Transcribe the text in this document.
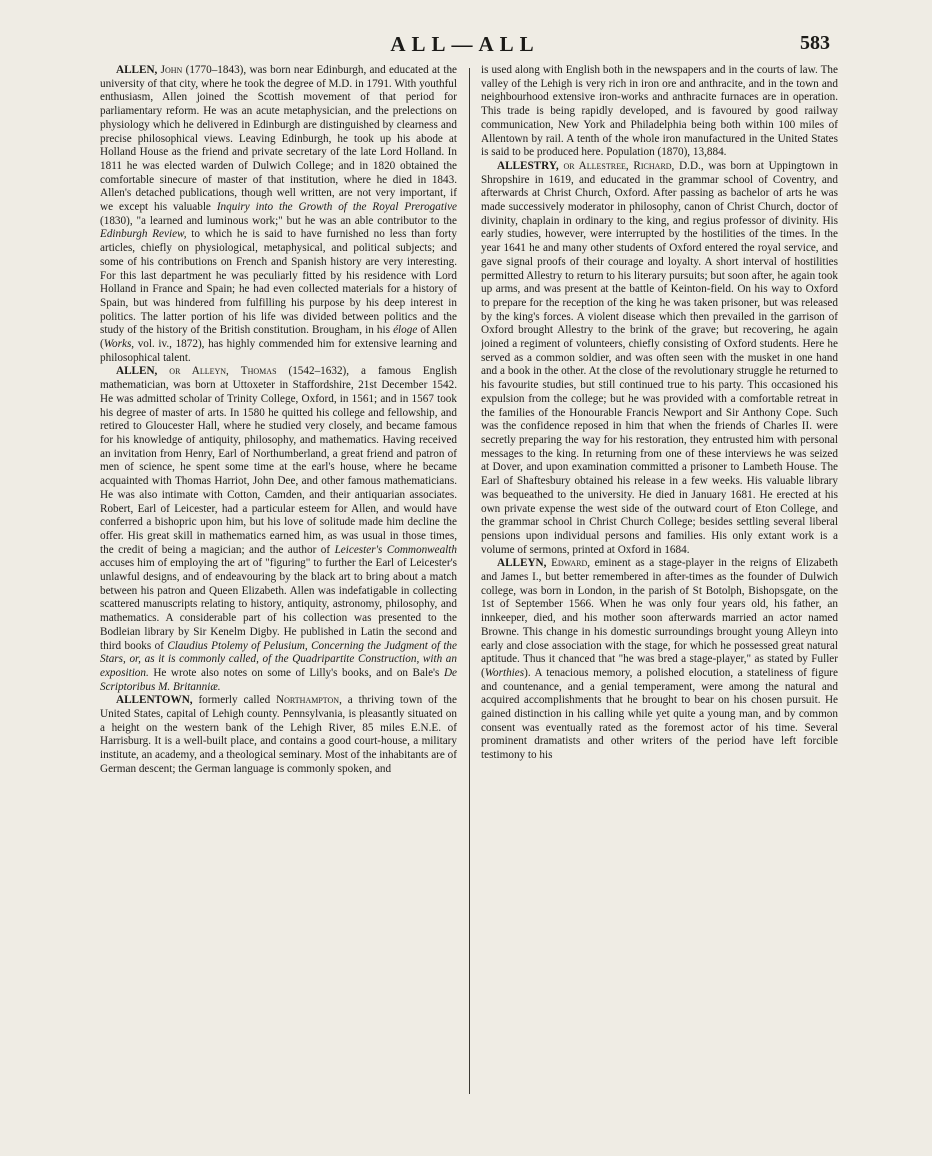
ALL—ALL	583

ALLEN, John (1770–1843), was born near Edinburgh, and educated at the university of that city, where he took the degree of M.D. in 1791. With youthful enthusiasm, Allen joined the Scottish movement of that period for parliamentary reform. He was an acute metaphysician, and the prelections on physiology which he delivered in Edinburgh are distinguished by clearness and precise philosophical views. Leaving Edinburgh, he took up his abode at Holland House as the friend and private secretary of the late Lord Holland. In 1811 he was elected warden of Dulwich College; and in 1820 obtained the comfortable sinecure of master of that institution, where he died in 1843. Allen's detached publications, though well written, are not very important, if we except his valuable Inquiry into the Growth of the Royal Prerogative (1830), "a learned and luminous work;" but he was an able contributor to the Edinburgh Review, to which he is said to have furnished no less than forty articles, chiefly on physiological, metaphysical, and political subjects; and some of his contributions on French and Spanish history are very interesting. For this last department he was peculiarly fitted by his residence with Lord Holland in France and Spain; he had even collected materials for a history of Spain, but was hindered from fulfilling his purpose by his deep interest in politics. The latter portion of his life was divided between politics and the study of the history of the British constitution. Brougham, in his éloge of Allen (Works, vol. iv., 1872), has highly commended him for extensive learning and philosophical talent.

ALLEN, or Alleyn, Thomas (1542–1632), a famous English mathematician, was born at Uttoxeter in Staffordshire, 21st December 1542. He was admitted scholar of Trinity College, Oxford, in 1561; and in 1567 took his degree of master of arts. In 1580 he quitted his college and fellowship, and retired to Gloucester Hall, where he studied very closely, and became famous for his knowledge of antiquity, philosophy, and mathematics. Having received an invitation from Henry, Earl of Northumberland, a great friend and patron of men of science, he spent some time at the earl's house, where he became acquainted with Thomas Harriot, John Dee, and other famous mathematicians. He was also intimate with Cotton, Camden, and their antiquarian associates. Robert, Earl of Leicester, had a particular esteem for Allen, and would have conferred a bishopric upon him, but his love of solitude made him decline the offer. His great skill in mathematics earned him, as was usual in those times, the credit of being a magician; and the author of Leicester's Commonwealth accuses him of employing the art of "figuring" to further the Earl of Leicester's unlawful designs, and of endeavouring by the black art to bring about a match between his patron and Queen Elizabeth. Allen was indefatigable in collecting scattered manuscripts relating to history, antiquity, astronomy, philosophy, and mathematics. A considerable part of his collection was presented to the Bodleian library by Sir Kenelm Digby. He published in Latin the second and third books of Claudius Ptolemy of Pelusium, Concerning the Judgment of the Stars, or, as it is commonly called, of the Quadripartite Construction, with an exposition. He wrote also notes on some of Lilly's books, and on Bale's De Scriptoribus M. Britanniæ.

ALLENTOWN, formerly called Northampton, a thriving town of the United States, capital of Lehigh county. Pennsylvania, is pleasantly situated on a height on the western bank of the Lehigh River, 85 miles E.N.E. of Harrisburg. It is a well-built place, and contains a good court-house, a military institute, an academy, and a theological seminary. Most of the inhabitants are of German descent; the German language is commonly spoken, and

is used along with English both in the newspapers and in the courts of law. The valley of the Lehigh is very rich in iron ore and anthracite, and in the town and neighbourhood extensive iron-works and anthracite furnaces are in operation. This trade is being rapidly developed, and is favoured by good railway communication, New York and Philadelphia being both within 100 miles of Allentown by rail. A tenth of the whole iron manufactured in the United States is said to be produced here. Population (1870), 13,884.

ALLESTRY, or Allestree, Richard, D.D., was born at Uppingtown in Shropshire in 1619, and educated in the grammar school of Coventry, and afterwards at Christ Church, Oxford. After passing as bachelor of arts he was made successively moderator in philosophy, canon of Christ Church, doctor of divinity, chaplain in ordinary to the king, and regius professor of divinity. His early studies, however, were interrupted by the hostilities of the times. In the year 1641 he and many other students of Oxford entered the royal service, and gave signal proofs of their courage and loyalty. A short interval of hostilities permitted Allestry to return to his literary pursuits; but soon after, he again took up arms, and was present at the battle of Keinton-field. On his way to Oxford to prepare for the reception of the king he was taken prisoner, but was released by the king's forces. A violent disease which then prevailed in the garrison of Oxford brought Allestry to the brink of the grave; but recovering, he again joined a regiment of volunteers, chiefly consisting of Oxford students. Here he served as a common soldier, and was often seen with the musket in one hand and a book in the other. At the close of the revolutionary struggle he returned to his favourite studies, but still continued true to his party. This occasioned his expulsion from the college; but he was provided with a comfortable retreat in the families of the Honourable Francis Newport and Sir Anthony Cope. Such was the confidence reposed in him that when the friends of Charles II. were secretly preparing the way for his restoration, they entrusted him with personal messages to the king. In returning from one of these interviews he was seized at Dover, and upon examination committed a prisoner to Lambeth House. The Earl of Shaftesbury obtained his release in a few weeks. His valuable library was bequeathed to the university. He died in January 1681. He erected at his own private expense the west side of the outward court of Eton College, and the grammar school in Christ Church College; besides settling several liberal pensions upon individual persons and families. His only extant work is a volume of sermons, printed at Oxford in 1684.

ALLEYN, Edward, eminent as a stage-player in the reigns of Elizabeth and James I., but better remembered in after-times as the founder of Dulwich college, was born in London, in the parish of St Botolph, Bishopsgate, on the 1st of September 1566. When he was only four years old, his father, an innkeeper, died, and his mother soon afterwards married an actor named Browne. This change in his domestic surroundings brought young Alleyn into early and close association with the stage, for which he possessed great natural aptitude. Thus it chanced that "he was bred a stage-player," as stated by Fuller (Worthies). A tenacious memory, a polished elocution, a stateliness of figure and countenance, and a genial temperament, were among the natural and acquired accomplishments that he brought to bear on his chosen pursuit. He gained distinction in his calling while yet quite a young man, and by common consent was eventually rated as the foremost actor of his time. Several prominent dramatists and other writers of the period have left forcible testimony to his
